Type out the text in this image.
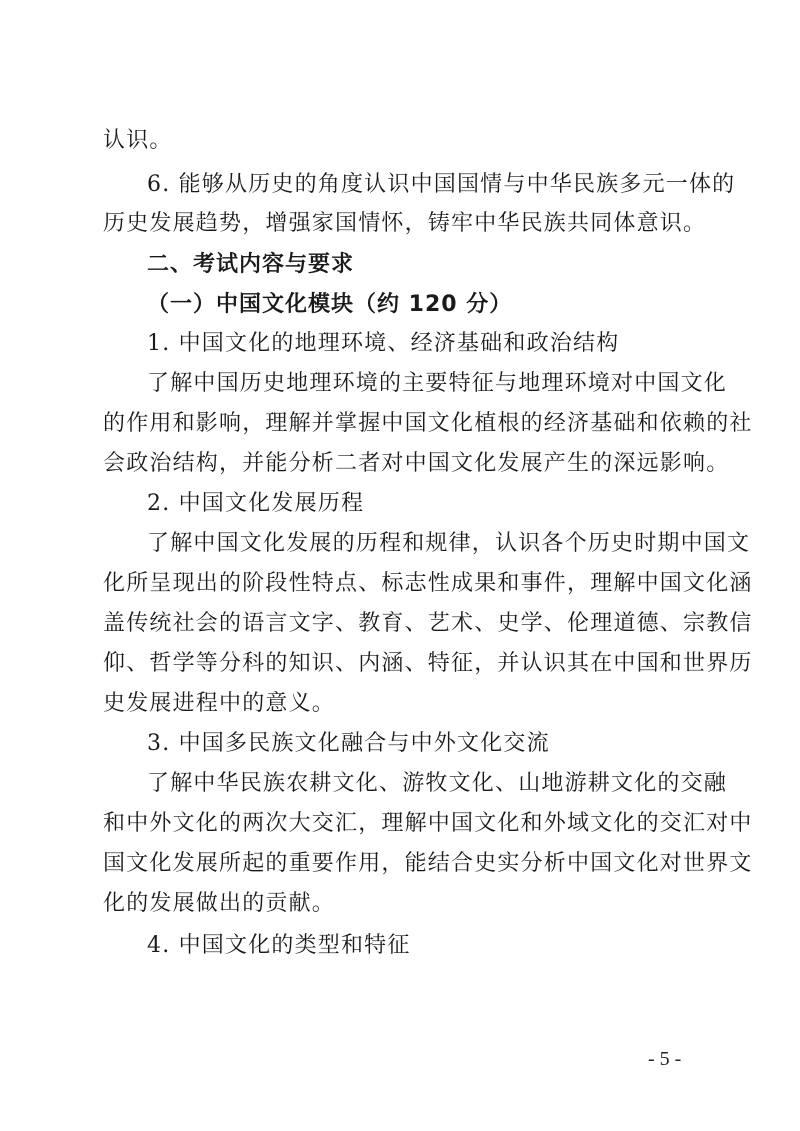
认识。
6. 能够从历史的角度认识中国国情与中华民族多元一体的
历史发展趋势，增强家国情怀，铸牢中华民族共同体意识。
二、考试内容与要求
（一）中国文化模块（约 120 分）
1. 中国文化的地理环境、经济基础和政治结构
了解中国历史地理环境的主要特征与地理环境对中国文化
的作用和影响，理解并掌握中国文化植根的经济基础和依赖的社
会政治结构，并能分析二者对中国文化发展产生的深远影响。
2. 中国文化发展历程
了解中国文化发展的历程和规律，认识各个历史时期中国文
化所呈现出的阶段性特点、标志性成果和事件，理解中国文化涵
盖传统社会的语言文字、教育、艺术、史学、伦理道德、宗教信
仰、哲学等分科的知识、内涵、特征，并认识其在中国和世界历
史发展进程中的意义。
3. 中国多民族文化融合与中外文化交流
了解中华民族农耕文化、游牧文化、山地游耕文化的交融
和中外文化的两次大交汇，理解中国文化和外域文化的交汇对中
国文化发展所起的重要作用，能结合史实分析中国文化对世界文
化的发展做出的贡献。
4. 中国文化的类型和特征
- 5 -
